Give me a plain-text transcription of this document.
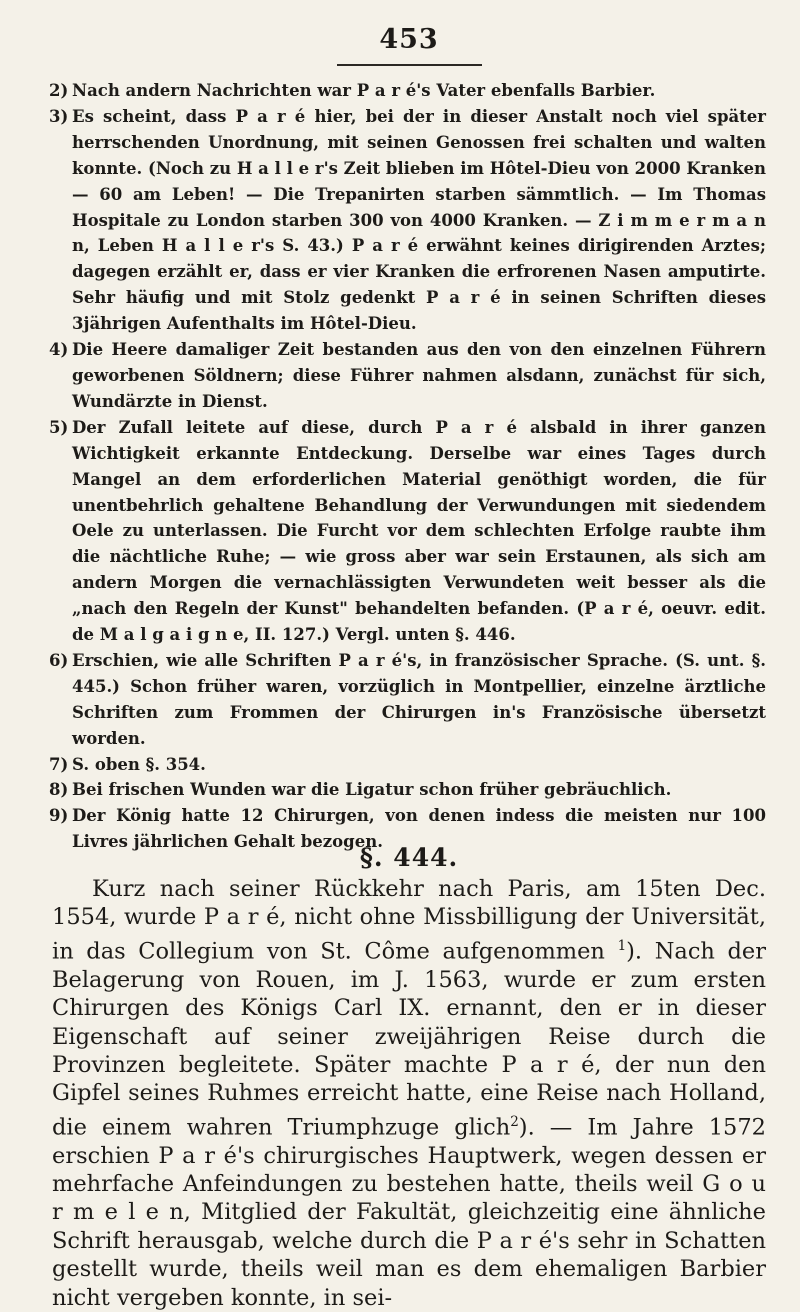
453
2) Nach andern Nachrichten war P a r é's Vater ebenfalls Barbier.
3) Es scheint, dass P a r é hier, bei der in dieser Anstalt noch viel später herrschenden Unordnung, mit seinen Genossen frei schalten und walten konnte. (Noch zu H a l l e r's Zeit blieben im Hôtel-Dieu von 2000 Kranken — 60 am Leben! — Die Trepanirten starben sämmtlich. — Im Thomas Hospitale zu London starben 300 von 4000 Kranken. — Z i m m e r m a n n, Leben H a l l e r's S. 43.) P a r é erwähnt keines dirigirenden Arztes; dagegen erzählt er, dass er vier Kranken die erfrorenen Nasen amputirte. Sehr häufig und mit Stolz gedenkt P a r é in seinen Schriften dieses 3jährigen Aufenthalts im Hôtel-Dieu.
4) Die Heere damaliger Zeit bestanden aus den von den einzelnen Führern geworbenen Söldnern; diese Führer nahmen alsdann, zunächst für sich, Wundärzte in Dienst.
5) Der Zufall leitete auf diese, durch P a r é alsbald in ihrer ganzen Wichtigkeit erkannte Entdeckung. Derselbe war eines Tages durch Mangel an dem erforderlichen Material genöthigt worden, die für unentbehrlich gehaltene Behandlung der Verwundungen mit siedendem Oele zu unterlassen. Die Furcht vor dem schlechten Erfolge raubte ihm die nächtliche Ruhe; — wie gross aber war sein Erstaunen, als sich am andern Morgen die vernachlässigten Verwundeten weit besser als die „nach den Regeln der Kunst" behandelten befanden. (P a r é, oeuvr. edit. de M a l g a i g n e, II. 127.) Vergl. unten §. 446.
6) Erschien, wie alle Schriften P a r é's, in französischer Sprache. (S. unt. §. 445.) Schon früher waren, vorzüglich in Montpellier, einzelne ärztliche Schriften zum Frommen der Chirurgen in's Französische übersetzt worden.
7) S. oben §. 354.
8) Bei frischen Wunden war die Ligatur schon früher gebräuchlich.
9) Der König hatte 12 Chirurgen, von denen indess die meisten nur 100 Livres jährlichen Gehalt bezogen.
§. 444.

Kurz nach seiner Rückkehr nach Paris, am 15ten Dec. 1554, wurde P a r é, nicht ohne Missbilligung der Universität, in das Collegium von St. Côme aufgenommen $^1$). Nach der Belagerung von Rouen, im J. 1563, wurde er zum ersten Chirurgen des Königs Carl IX. ernannt, den er in dieser Eigenschaft auf seiner zweijährigen Reise durch die Provinzen begleitete. Später machte P a r é, der nun den Gipfel seines Ruhmes erreicht hatte, eine Reise nach Holland, die einem wahren Triumphzuge glich$^2$). — Im Jahre 1572 erschien P a r é's chirurgisches Hauptwerk, wegen dessen er mehrfache Anfeindungen zu bestehen hatte, theils weil G o u r m e l e n, Mitglied der Fakultät, gleichzeitig eine ähnliche Schrift herausgab, welche durch die P a r é's sehr in Schatten gestellt wurde, theils weil man es dem ehemaligen Barbier nicht vergeben konnte, in sei-
